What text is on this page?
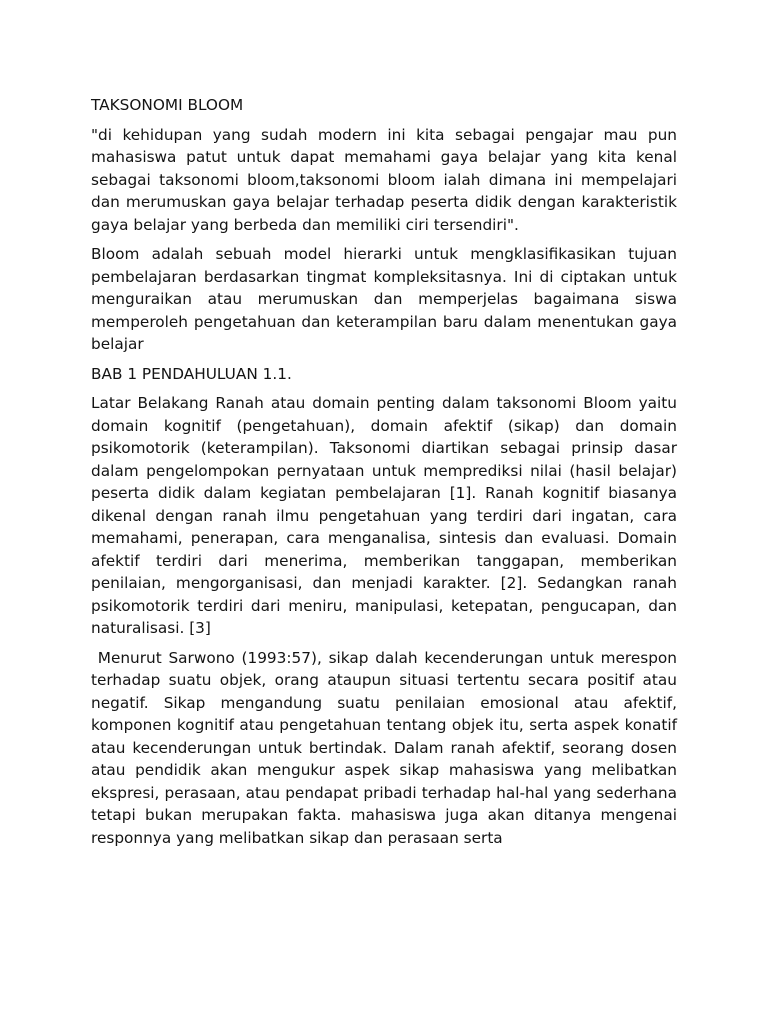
TAKSONOMI BLOOM

"di kehidupan yang sudah modern ini kita sebagai pengajar mau pun mahasiswa patut untuk dapat memahami gaya belajar yang kita kenal sebagai taksonomi bloom,taksonomi bloom ialah dimana ini mempelajari dan merumuskan gaya belajar terhadap peserta didik dengan karakteristik gaya belajar yang berbeda dan memiliki ciri tersendiri".

Bloom adalah sebuah model hierarki untuk mengklasifikasikan tujuan pembelajaran berdasarkan tingmat kompleksitasnya. Ini di ciptakan untuk menguraikan atau merumuskan dan memperjelas bagaimana siswa memperoleh pengetahuan dan keterampilan baru dalam menentukan gaya belajar

BAB 1 PENDAHULUAN 1.1.

Latar Belakang Ranah atau domain penting dalam taksonomi Bloom yaitu domain kognitif (pengetahuan), domain afektif (sikap) dan domain psikomotorik (keterampilan). Taksonomi diartikan sebagai prinsip dasar dalam pengelompokan pernyataan untuk memprediksi nilai (hasil belajar) peserta didik dalam kegiatan pembelajaran [1]. Ranah kognitif biasanya dikenal dengan ranah ilmu pengetahuan yang terdiri dari ingatan, cara memahami, penerapan, cara menganalisa, sintesis dan evaluasi. Domain afektif terdiri dari menerima, memberikan tanggapan, memberikan penilaian, mengorganisasi, dan menjadi karakter. [2]. Sedangkan ranah psikomotorik terdiri dari meniru, manipulasi, ketepatan, pengucapan, dan naturalisasi. [3]

Menurut Sarwono (1993:57), sikap dalah kecenderungan untuk merespon terhadap suatu objek, orang ataupun situasi tertentu secara positif atau negatif. Sikap mengandung suatu penilaian emosional atau afektif, komponen kognitif atau pengetahuan tentang objek itu, serta aspek konatif atau kecenderungan untuk bertindak. Dalam ranah afektif, seorang dosen atau pendidik akan mengukur aspek sikap mahasiswa yang melibatkan ekspresi, perasaan, atau pendapat pribadi terhadap hal-hal yang sederhana tetapi bukan merupakan fakta. mahasiswa juga akan ditanya mengenai responnya yang melibatkan sikap dan perasaan serta
